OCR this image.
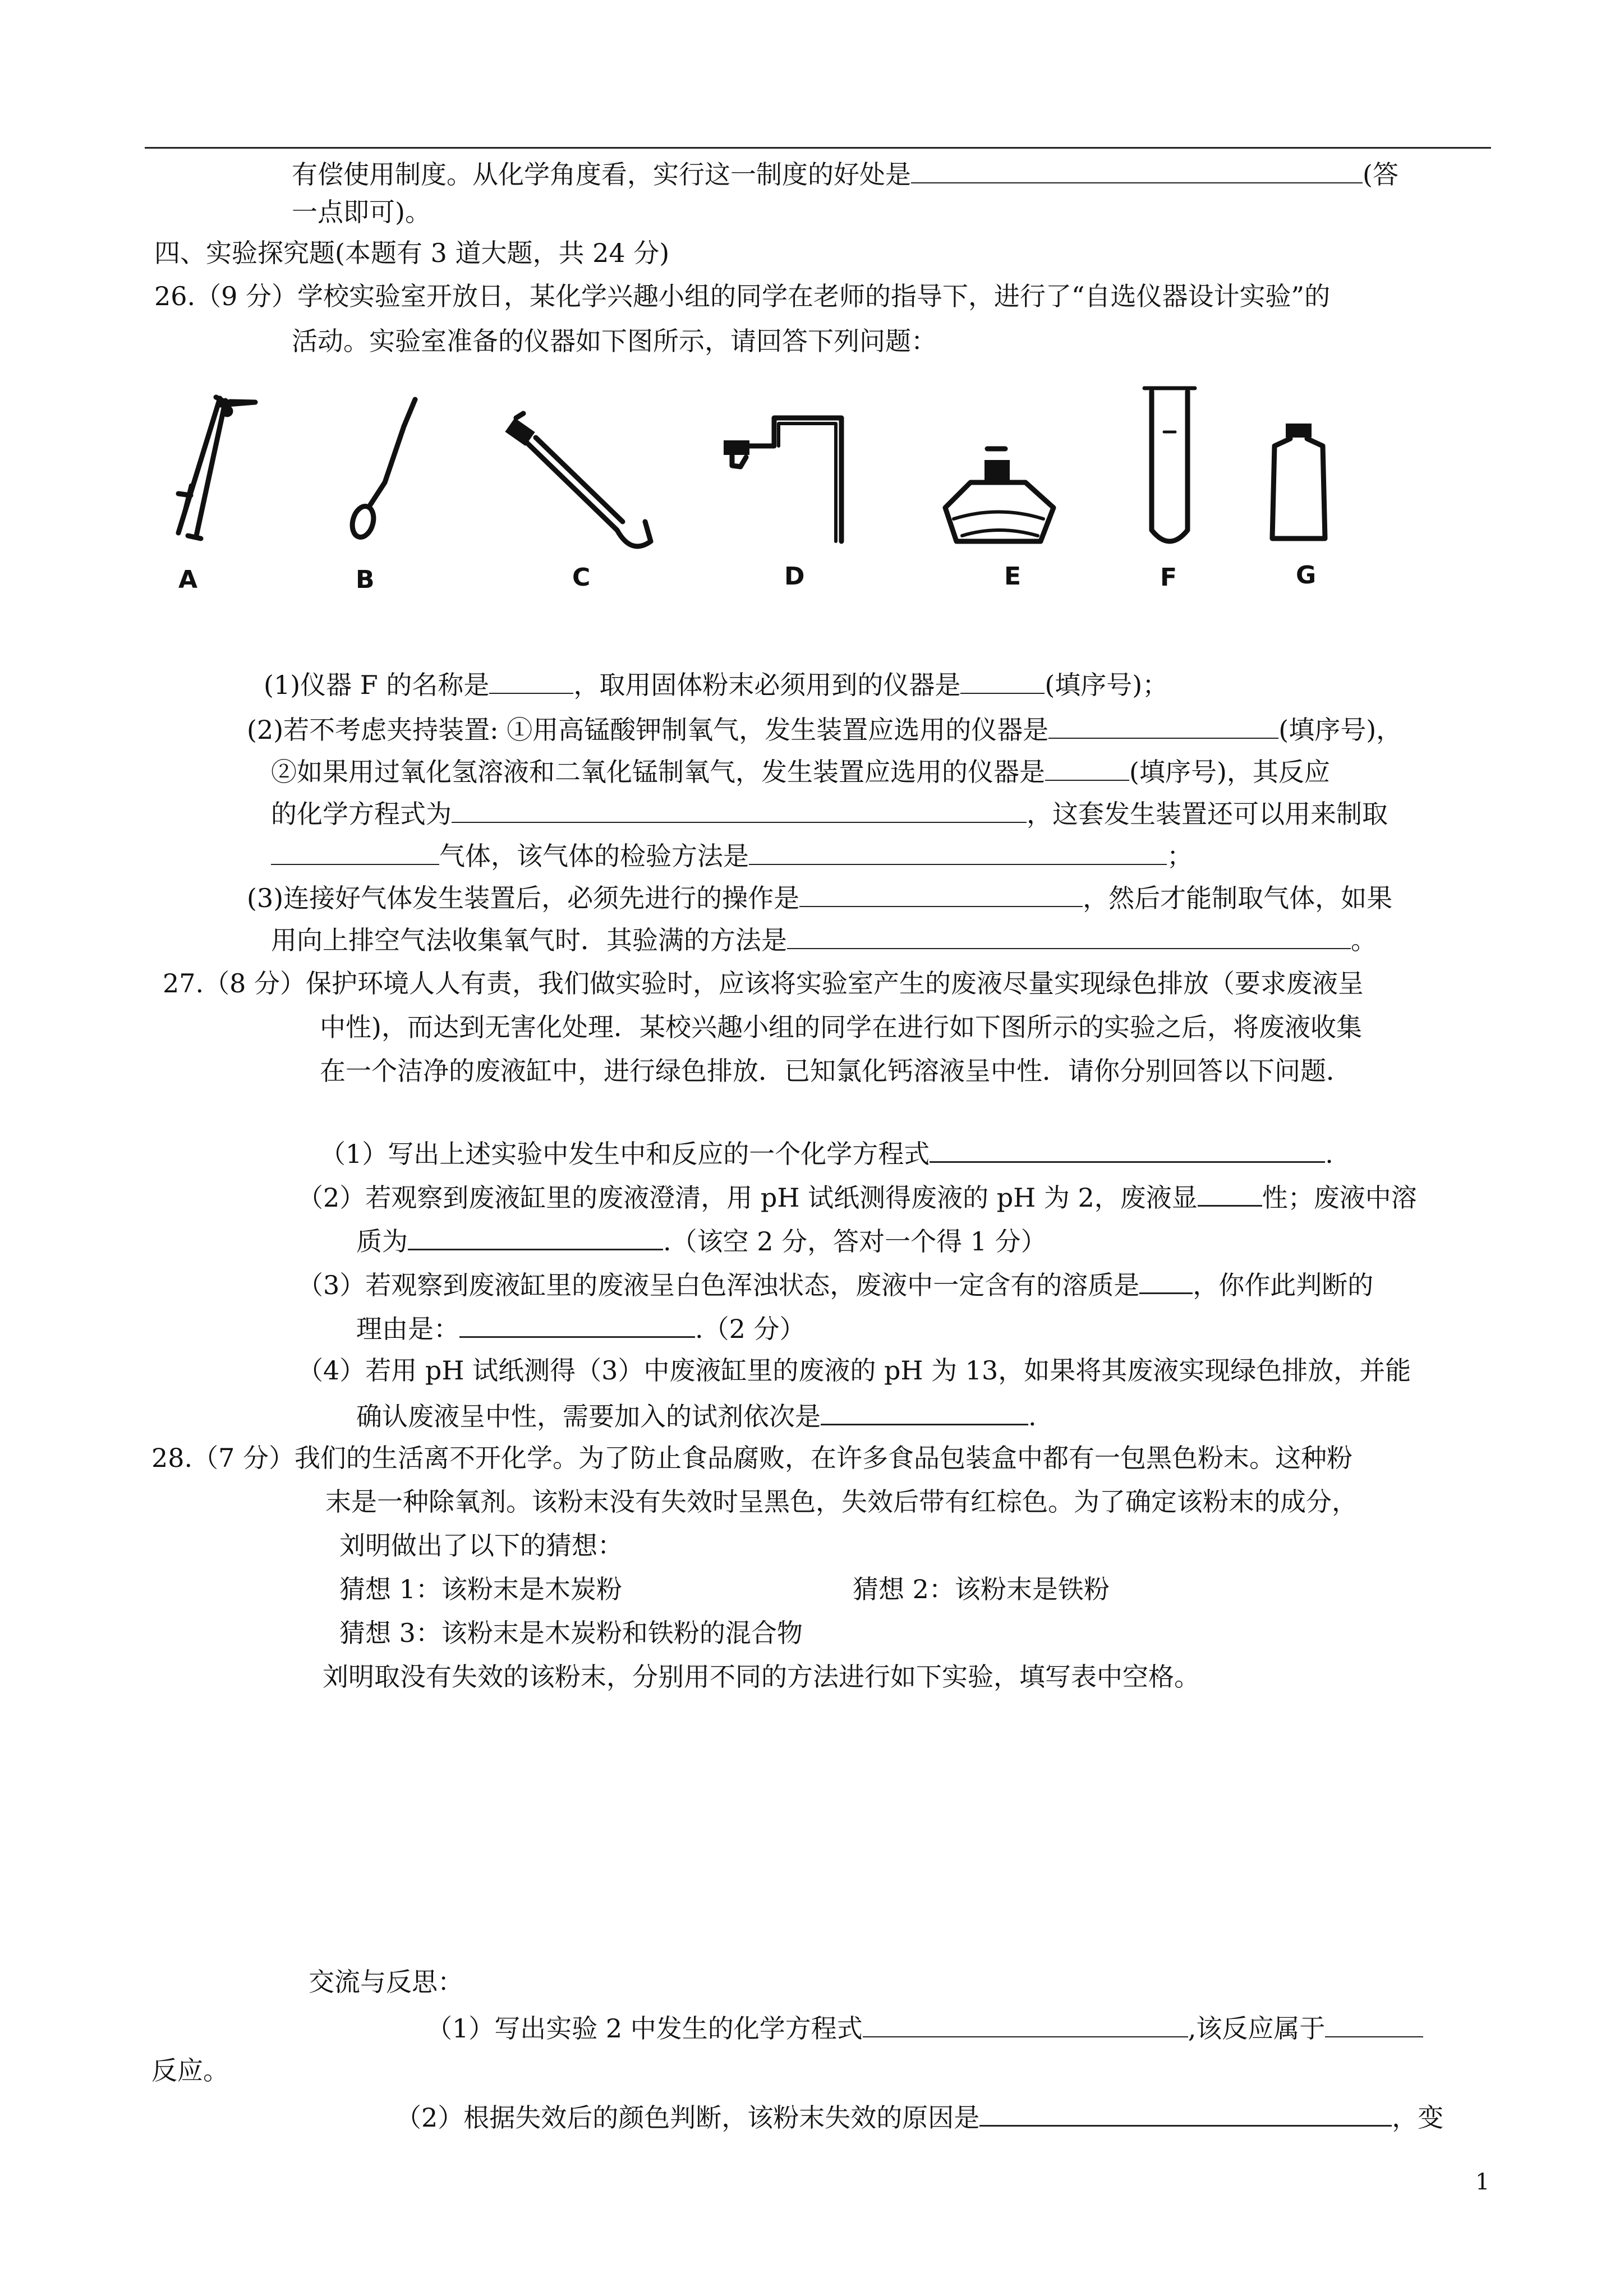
有偿使用制度。从化学角度看，实行这一制度的好处是	(答
一点即可)。
四、实验探究题(本题有 3 道大题，共 24 分)
26.（9 分）学校实验室开放日，某化学兴趣小组的同学在老师的指导下，进行了“自选仪器设计实验”的
活动。实验室准备的仪器如下图所示，请回答下列问题：
A	B	C	D	E	F	G
(1)仪器 F 的名称是	，取用固体粉末必须用到的仪器是	(填序号)；
(2)若不考虑夹持装置: ①用高锰酸钾制氧气，发生装置应选用的仪器是	(填序号)，
②如果用过氧化氢溶液和二氧化锰制氧气，发生装置应选用的仪器是	(填序号)，其反应
的化学方程式为	，这套发生装置还可以用来制取
气体，该气体的检验方法是	；
(3)连接好气体发生装置后，必须先进行的操作是	，然后才能制取气体，如果
用向上排空气法收集氧气时．其验满的方法是	。
27.（8 分）保护环境人人有责，我们做实验时，应该将实验室产生的废液尽量实现绿色排放（要求废液呈
中性)，而达到无害化处理．某校兴趣小组的同学在进行如下图所示的实验之后，将废液收集
在一个洁净的废液缸中，进行绿色排放．已知氯化钙溶液呈中性．请你分别回答以下问题．
（1）写出上述实验中发生中和反应的一个化学方程式	.
（2）若观察到废液缸里的废液澄清，用 pH 试纸测得废液的 pH 为 2，废液显	性；废液中溶
质为	.（该空 2 分，答对一个得 1 分）
（3）若观察到废液缸里的废液呈白色浑浊状态，废液中一定含有的溶质是 ，你作此判断的
理由是：	.（2 分）
（4）若用 pH 试纸测得（3）中废液缸里的废液的 pH 为 13，如果将其废液实现绿色排放，并能
确认废液呈中性，需要加入的试剂依次是	.
28.（7 分）我们的生活离不开化学。为了防止食品腐败，在许多食品包装盒中都有一包黑色粉末。这种粉
末是一种除氧剂。该粉末没有失效时呈黑色，失效后带有红棕色。为了确定该粉末的成分，
刘明做出了以下的猜想：
猜想 1：该粉末是木炭粉	猜想 2：该粉末是铁粉
猜想 3：该粉末是木炭粉和铁粉的混合物
刘明取没有失效的该粉末，分别用不同的方法进行如下实验，填写表中空格。
交流与反思：
（1）写出实验 2 中发生的化学方程式	,该反应属于
反应。
（2）根据失效后的颜色判断，该粉末失效的原因是	，变
1
